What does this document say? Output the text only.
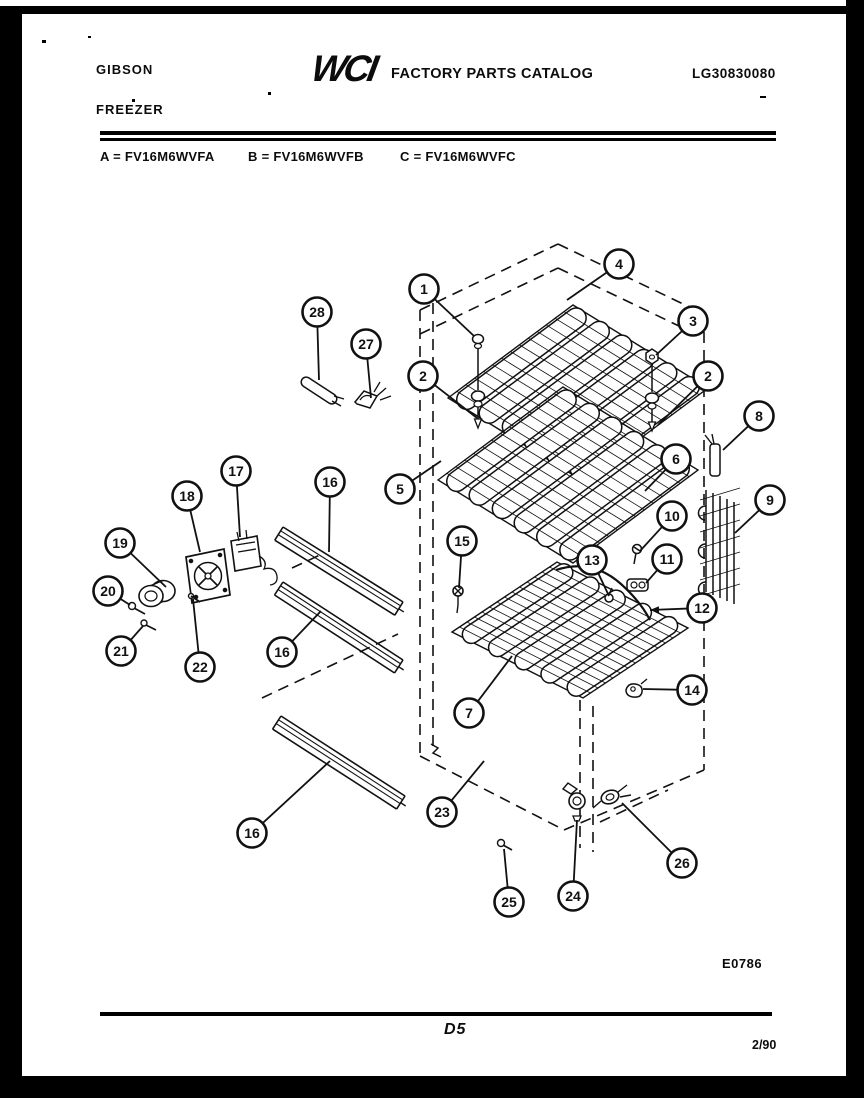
GIBSON

FREEZER
WCI FACTORY PARTS CATALOG	LG30830080
A = FV16M6WVFA	B = FV16M6WVFB	C = FV16M6WVFC
1
2
3
2
4
5
6
7
8
9
10
11
12
13
14
15
16
16
16
17
18
19
20
21
22
23
24
25
26
27
28
E0786
D5
2/90
